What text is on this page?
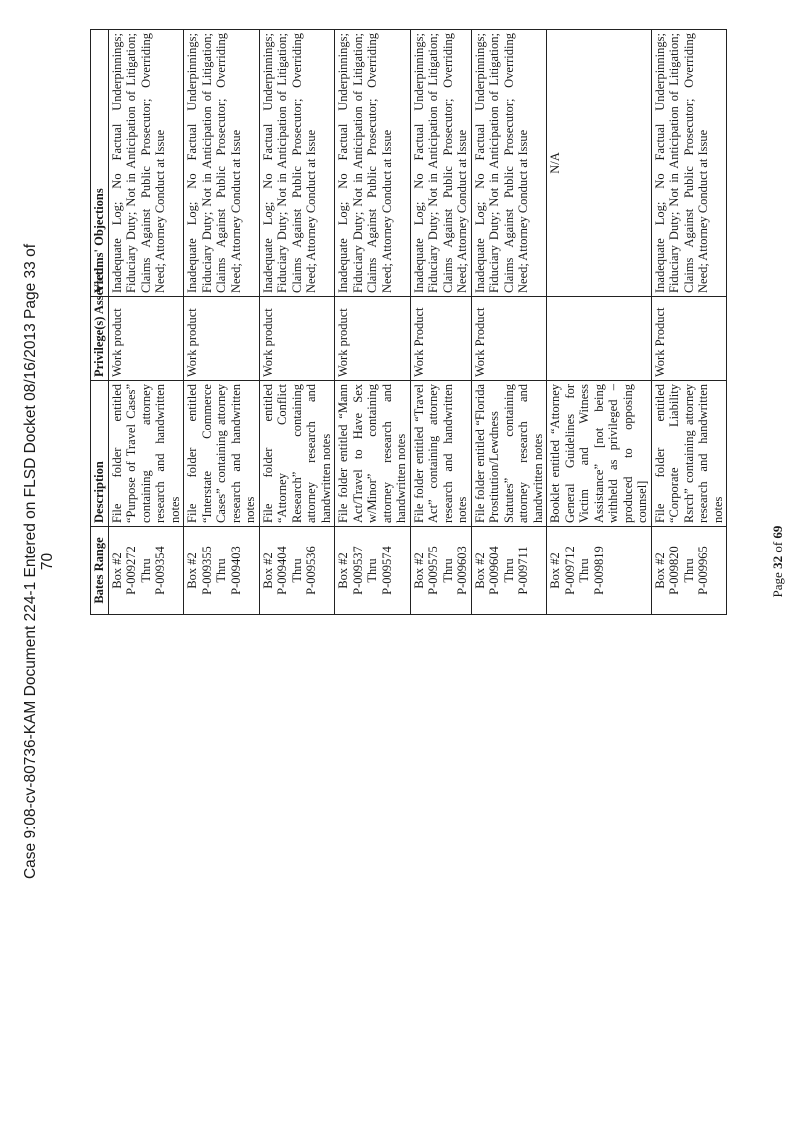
Case 9:08-cv-80736-KAM Document 224-1 Entered on FLSD Docket 08/16/2013 Page 33 of 70	Bates Range	Description	Privilege(s) Asserted	Victims' Objections

Box #2 P-009272 Thru P-009354	File folder entitled “Purpose of Travel Cases” containing attorney research and handwritten notes	Work product	Inadequate Log; No Factual Underpinnings; Fiduciary Duty; Not in Anticipation of Litigation; Claims Against Public Prosecutor; Overriding Need; Attorney Conduct at Issue

Box #2 P-009355 Thru P-009403	File folder entitled “Interstate Commerce Cases” containing attorney research and handwritten notes	Work product	Inadequate Log; No Factual Underpinnings; Fiduciary Duty; Not in Anticipation of Litigation; Claims Against Public Prosecutor; Overriding Need; Attorney Conduct at Issue

Box #2 P-009404 Thru P-009536	File folder entitled “Attorney Conflict Research” containing attorney research and handwritten notes	Work product	Inadequate Log; No Factual Underpinnings; Fiduciary Duty; Not in Anticipation of Litigation; Claims Against Public Prosecutor; Overriding Need; Attorney Conduct at Issue

Box #2 P-009537 Thru P-009574	File folder entitled “Mann Act/Travel to Have Sex w/Minor” containing attorney research and handwritten notes	Work product	Inadequate Log; No Factual Underpinnings; Fiduciary Duty; Not in Anticipation of Litigation; Claims Against Public Prosecutor; Overriding Need; Attorney Conduct at Issue

Box #2 P-009575 Thru P-009603	File folder entitled “Travel Act” containing attorney research and handwritten notes	Work Product	Inadequate Log; No Factual Underpinnings; Fiduciary Duty; Not in Anticipation of Litigation; Claims Against Public Prosecutor; Overriding Need; Attorney Conduct at Issue

Box #2 P-009604 Thru P-009711	File folder entitled “Florida Prostitution/Lewdness Statutes” containing attorney research and handwritten notes	Work Product	Inadequate Log; No Factual Underpinnings; Fiduciary Duty; Not in Anticipation of Litigation; Claims Against Public Prosecutor; Overriding Need; Attorney Conduct at Issue

Box #2 P-009712 Thru P-009819	Booklet entitled “Attorney General Guidelines for Victim and Witness Assistance” [not being withheld as privileged – produced to opposing counsel]		N/A

Box #2 P-009820 Thru P-009965	File folder entitled “Corporate Liability Rsrch” containing attorney research and handwritten notes	Work Product	Inadequate Log; No Factual Underpinnings; Fiduciary Duty; Not in Anticipation of Litigation; Claims Against Public Prosecutor; Overriding Need; Attorney Conduct at Issue
Page 32 of 69
